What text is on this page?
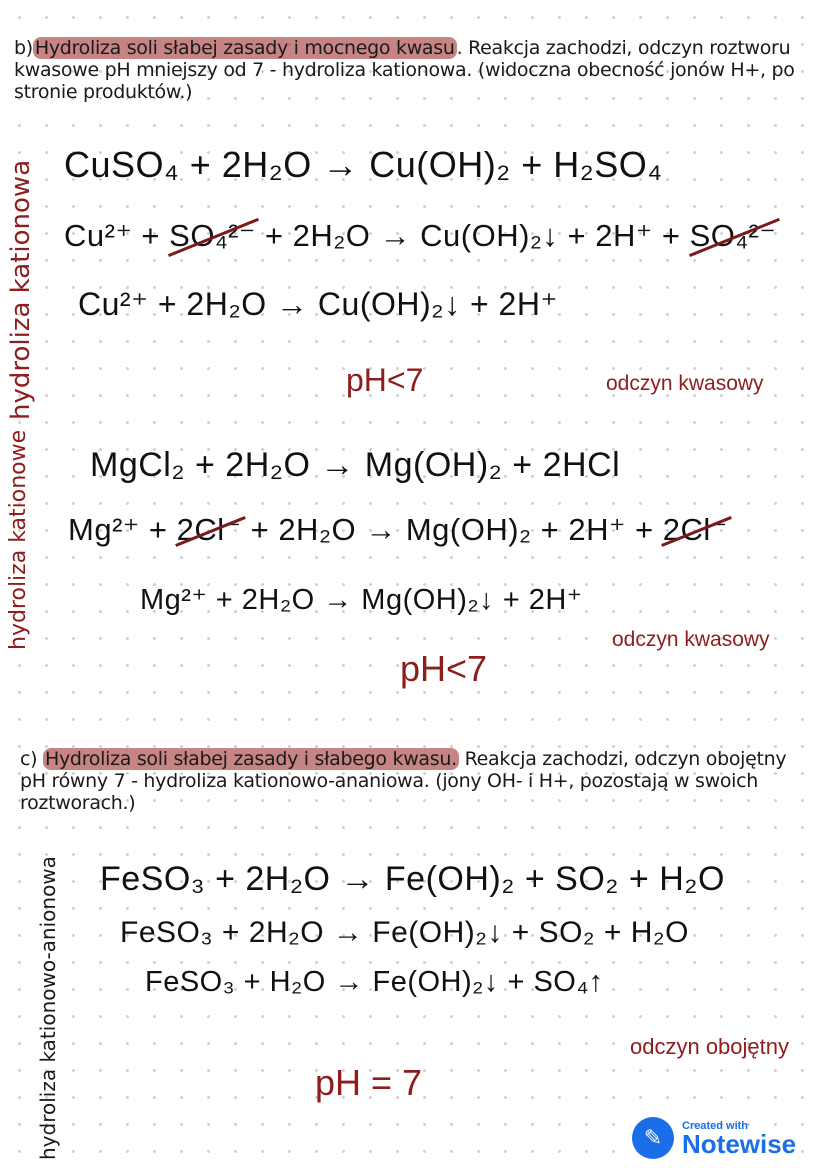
b) Hydroliza soli słabej zasady i mocnego kwasu . Reakcja zachodzi, odczyn roztworu kwasowe pH mniejszy od 7 - hydroliza kationowa. (widoczna obecność jonów H+, po stronie produktów.)
hydroliza kationowa CuSO₄ + 2H₂O → Cu(OH)₂ + H₂SO₄
Cu²⁺ + SO₄²⁻ + 2H₂O → Cu(OH)₂↓ + 2H⁺ + SO₄²⁻
Cu²⁺ + 2H₂O → Cu(OH)₂↓ + 2H⁺
pH<7	odczyn kwasowy
hydroliza kationowe MgCl₂ + 2H₂O → Mg(OH)₂ + 2HCl
Mg²⁺ + 2Cl⁻ + 2H₂O → Mg(OH)₂ + 2H⁺ + 2Cl⁻
Mg²⁺ + 2H₂O → Mg(OH)₂↓ + 2H⁺
odczyn kwasowy
pH<7
c) Hydroliza soli słabej zasady i słabego kwasu. Reakcja zachodzi, odczyn obojętny pH równy 7 - hydroliza kationowo-ananiowa. (jony OH- i H+, pozostają w swoich roztworach.)
hydroliza kationowo-anionowa FeSO₃ + 2H₂O → Fe(OH)₂ + SO₂ + H₂O
FeSO₃ + 2H₂O → Fe(OH)₂↓ + SO₂ + H₂O
FeSO₃ + H₂O → Fe(OH)₂↓ + SO₄↑
odczyn obojętny
pH = 7
✎	Created with
Notewise
